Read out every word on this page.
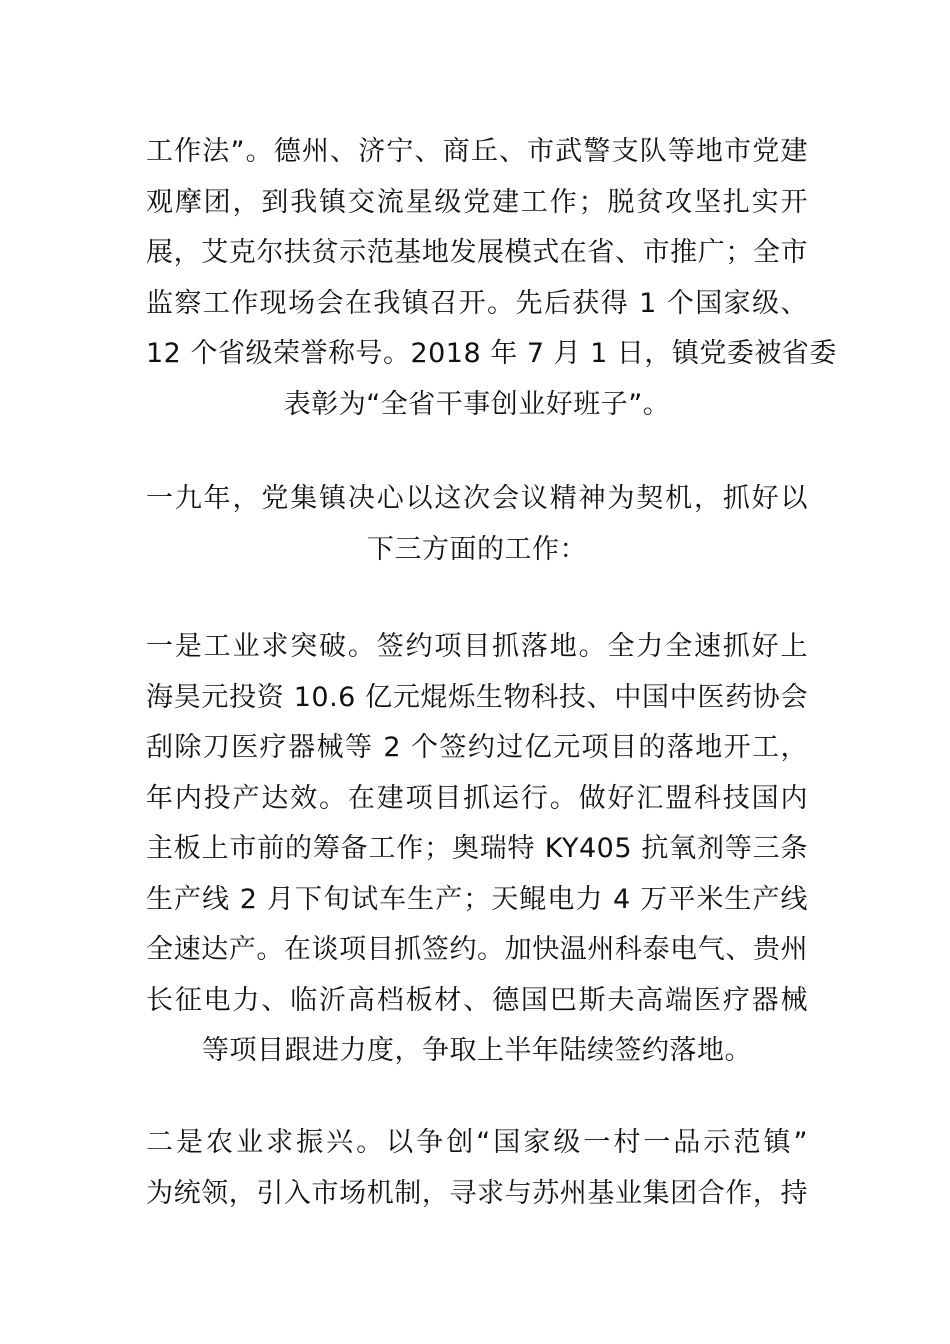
工作法”。德州、济宁、商丘、市武警支队等地市党建
观摩团，到我镇交流星级党建工作；脱贫攻坚扎实开
展，艾克尔扶贫示范基地发展模式在省、市推广；全市
监察工作现场会在我镇召开。先后获得 1 个国家级、
12 个省级荣誉称号。2018 年 7 月 1 日，镇党委被省委
表彰为“全省干事创业好班子”。
一九年，党集镇决心以这次会议精神为契机，抓好以
下三方面的工作：
一是工业求突破。签约项目抓落地。全力全速抓好上
海昊元投资 10.6 亿元焜烁生物科技、中国中医药协会
刮除刀医疗器械等 2 个签约过亿元项目的落地开工，
年内投产达效。在建项目抓运行。做好汇盟科技国内
主板上市前的筹备工作；奥瑞特 KY405 抗氧剂等三条
生产线 2 月下旬试车生产；天鲲电力 4 万平米生产线
全速达产。在谈项目抓签约。加快温州科泰电气、贵州
长征电力、临沂高档板材、德国巴斯夫高端医疗器械
等项目跟进力度，争取上半年陆续签约落地。
二是农业求振兴。以争创“国家级一村一品示范镇”
为统领，引入市场机制，寻求与苏州基业集团合作，持
